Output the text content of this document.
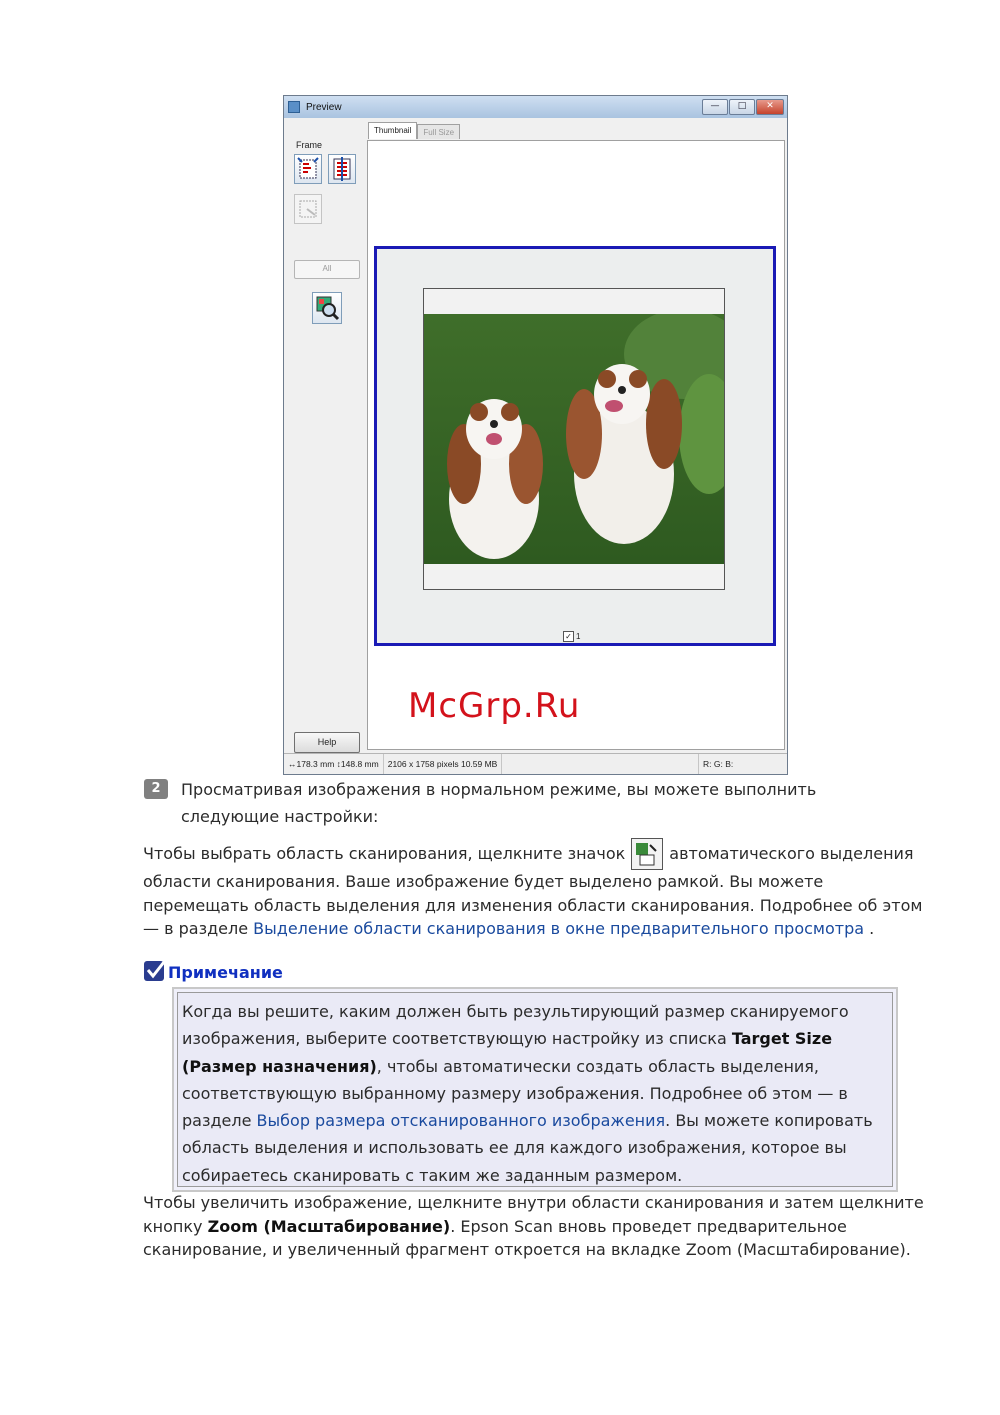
Preview	—	□	✕
Frame
All
Help
Thumbnail	Full Size
✓ 1
McGrp.Ru
↔178.3 mm ↕148.8 mm	2106 x 1758 pixels 10.59 MB	R: G: B:
2	Просматривая изображения в нормальном режиме, вы можете выполнить следующие настройки:
Чтобы выбрать область сканирования, щелкните значок	автоматического выделения области сканирования. Ваше изображение будет выделено рамкой. Вы можете перемещать область выделения для изменения области сканирования. Подробнее об этом — в разделе Выделение области сканирования в окне предварительного просмотра .
Примечание
Когда вы решите, каким должен быть результирующий размер сканируемого изображения, выберите соответствующую настройку из списка Target Size (Размер назначения), чтобы автоматически создать область выделения, соответствующую выбранному размеру изображения. Подробнее об этом — в разделе Выбор размера отсканированного изображения. Вы можете копировать область выделения и использовать ее для каждого изображения, которое вы собираетесь сканировать с таким же заданным размером.
Чтобы увеличить изображение, щелкните внутри области сканирования и затем щелкните кнопку Zoom (Масштабирование). Epson Scan вновь проведет предварительное сканирование, и увеличенный фрагмент откроется на вкладке Zoom (Масштабирование).
